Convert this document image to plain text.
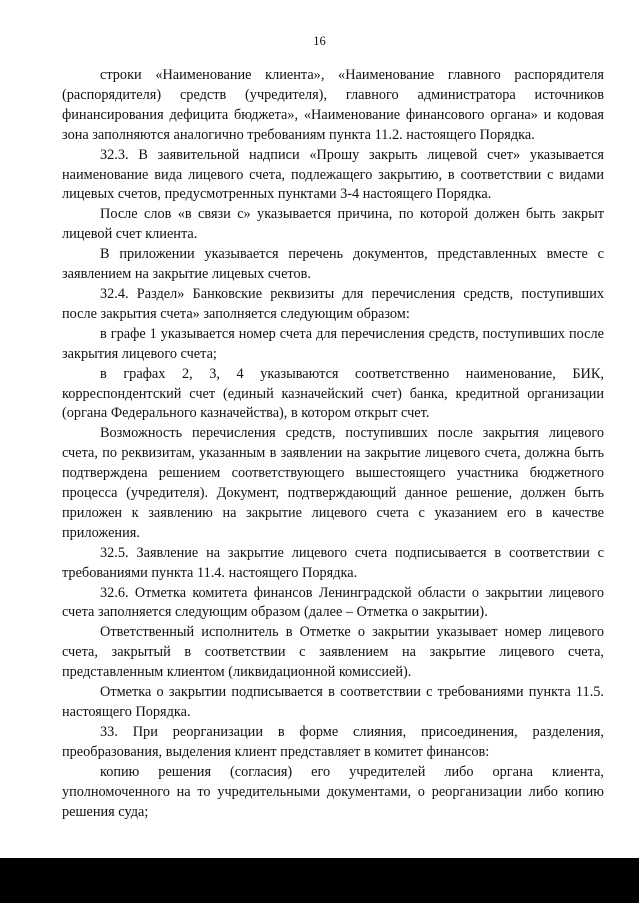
16

строки «Наименование клиента», «Наименование главного распорядителя (распорядителя) средств (учредителя), главного администратора источников финансирования дефицита бюджета», «Наименование финансового органа» и кодовая зона заполняются аналогично требованиям пункта 11.2. настоящего Порядка.

32.3. В заявительной надписи «Прошу закрыть лицевой счет» указывается наименование вида лицевого счета, подлежащего закрытию, в соответствии с видами лицевых счетов, предусмотренных пунктами 3-4 настоящего Порядка.

После слов «в связи с» указывается причина, по которой должен быть закрыт лицевой счет клиента.

В приложении указывается перечень документов, представленных вместе с заявлением на закрытие лицевых счетов.

32.4. Раздел» Банковские реквизиты для перечисления средств, поступивших после закрытия счета» заполняется следующим образом:

в графе 1 указывается номер счета для перечисления средств, поступивших после закрытия лицевого счета;

в графах 2, 3, 4 указываются соответственно наименование, БИК, корреспондентский счет (единый казначейский счет) банка, кредитной организации (органа Федерального казначейства), в котором открыт счет.

Возможность перечисления средств, поступивших после закрытия лицевого счета, по реквизитам, указанным в заявлении на закрытие лицевого счета, должна быть подтверждена решением соответствующего вышестоящего участника бюджетного процесса (учредителя). Документ, подтверждающий данное решение, должен быть приложен к заявлению на закрытие лицевого счета с указанием его в качестве приложения.

32.5. Заявление на закрытие лицевого счета подписывается в соответствии с требованиями пункта 11.4. настоящего Порядка.

32.6. Отметка комитета финансов Ленинградской области о закрытии лицевого счета заполняется следующим образом (далее – Отметка о закрытии).

Ответственный исполнитель в Отметке о закрытии указывает номер лицевого счета, закрытый в соответствии с заявлением на закрытие лицевого счета, представленным клиентом (ликвидационной комиссией).

Отметка о закрытии подписывается в соответствии с требованиями пункта 11.5. настоящего Порядка.

33. При реорганизации в форме слияния, присоединения, разделения, преобразования, выделения клиент представляет в комитет финансов:

копию решения (согласия) его учредителей либо органа клиента, уполномоченного на то учредительными документами, о реорганизации либо копию решения суда;
